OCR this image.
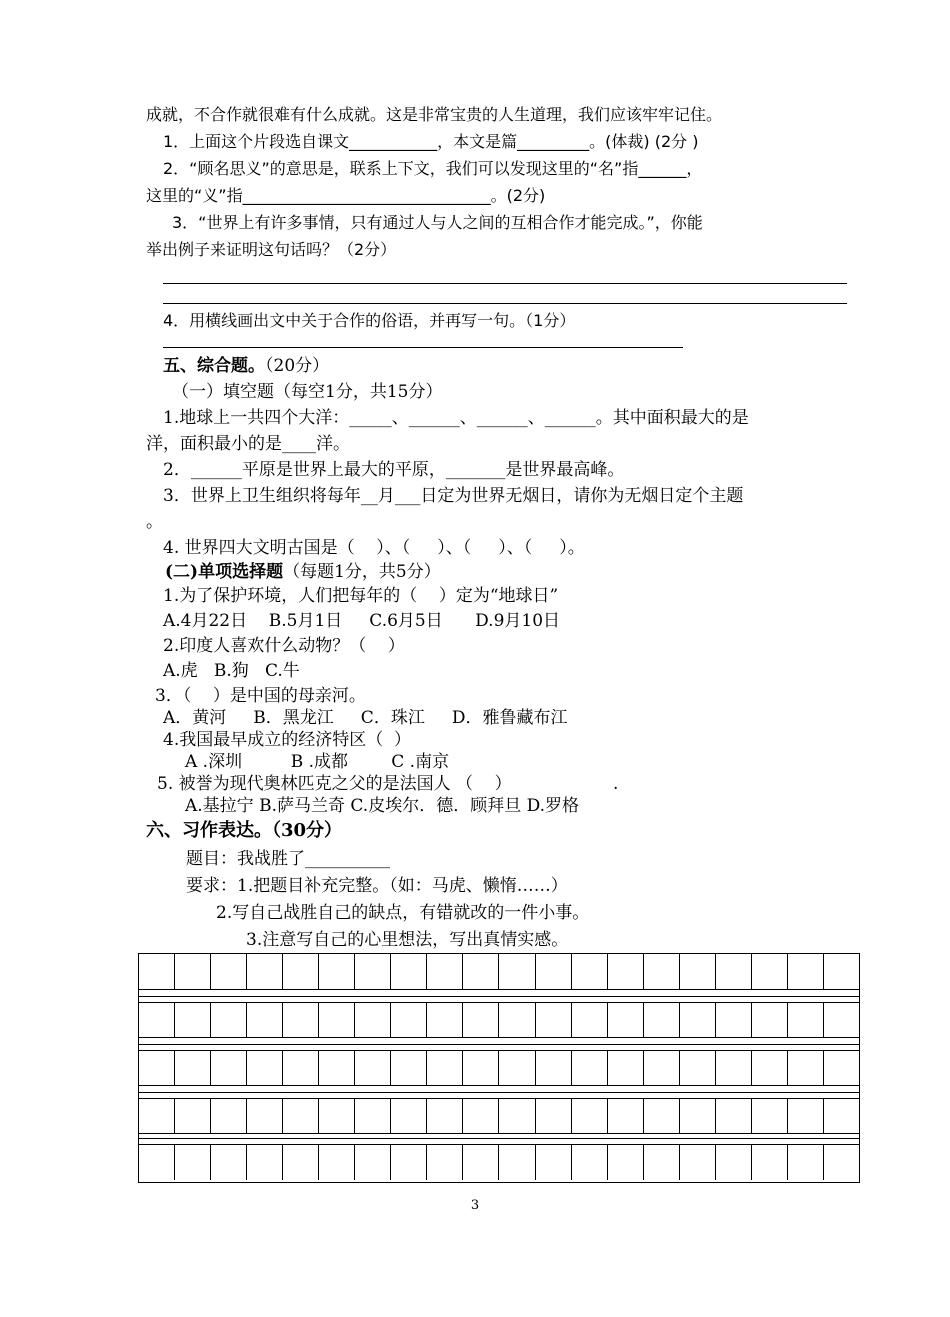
成就，不合作就很难有什么成就。这是非常宝贵的人生道理，我们应该牢牢记住。
1．上面这个片段选自课文___________，本文是篇_________。(体裁) (2分 )
2．“顾名思义”的意思是，联系上下文，我们可以发现这里的“名”指______，
这里的“义”指_______________________________。(2分)
3．“世界上有许多事情，只有通过人与人之间的互相合作才能完成。”，你能
举出例子来证明这句话吗？（2分）
4．用横线画出文中关于合作的俗语，并再写一句。（1分）
五、综合题。（20分）
（一）填空题（每空1分，共15分）
1.地球上一共四个大洋：_____、______、______、______。其中面积最大的是
洋，面积最小的是____洋。
2．______平原是世界上最大的平原，_______是世界最高峰。
3．世界上卫生组织将每年__月___日定为世界无烟日，请你为无烟日定个主题
。
4. 世界四大文明古国是（    ）、（     ）、（     ）、（     ）。
(二)单项选择题（每题1分，共5分）
1.为了保护环境，人们把每年的（    ）定为“地球日”
A.4月22日    B.5月1日     C.6月5日      D.9月10日
2.印度人喜欢什么动物？（    ）
A.虎   B.狗   C.牛
3．（    ）是中国的母亲河。
A．黄河     B．黑龙江     C．珠江     D．雅鲁藏布江
4.我国最早成立的经济特区（  ）
A .深圳         B .成都        C .南京
5. 被誉为现代奥林匹克之父的是法国人 （    ）	.
A.基拉宁 B.萨马兰奇 C.皮埃尔．德．顾拜旦 D.罗格
六、习作表达。（30分）
题目：我战胜了__________
要求：1.把题目补充完整。（如：马虎、懒惰……）
2.写自己战胜自己的缺点，有错就改的一件小事。
3.注意写自己的心里想法，写出真情实感。
3
